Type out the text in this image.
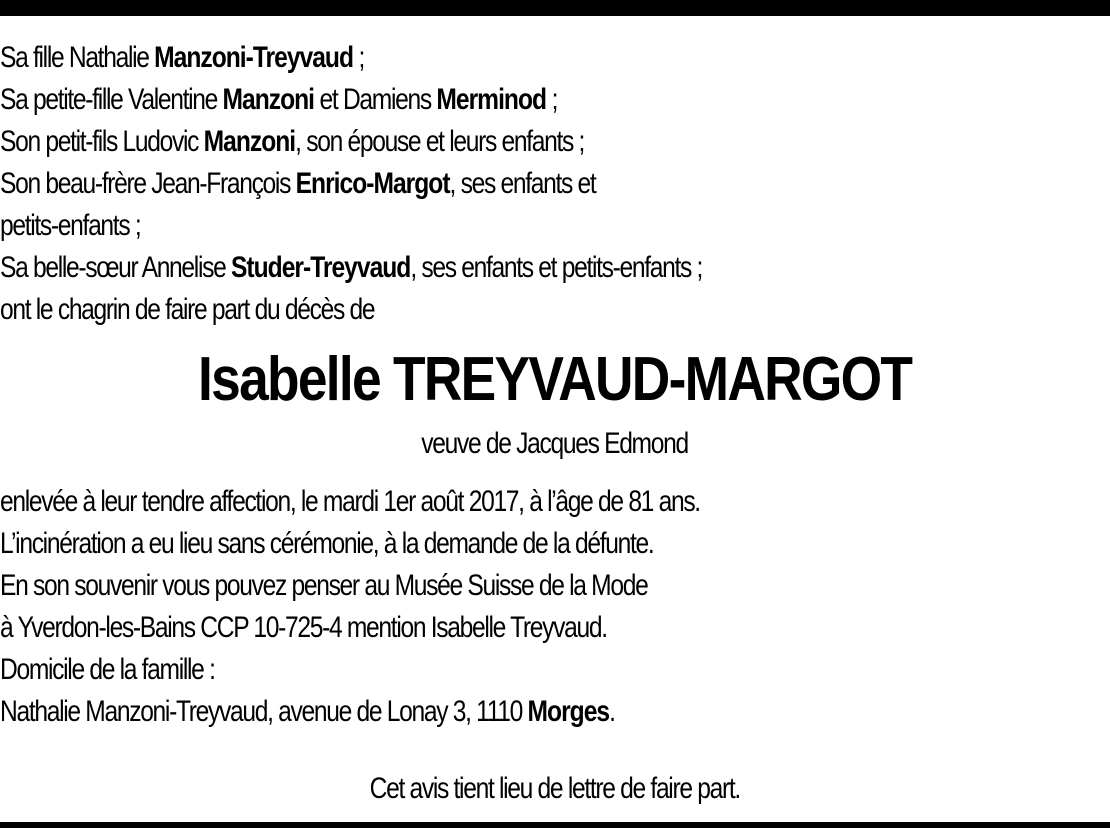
Sa fille Nathalie Manzoni-Treyvaud ;
Sa petite-fille Valentine Manzoni et Damiens Merminod ;
Son petit-fils Ludovic Manzoni, son épouse et leurs enfants ;
Son beau-frère Jean-François Enrico-Margot, ses enfants et
petits-enfants ;
Sa belle-sœur Annelise Studer-Treyvaud, ses enfants et petits-enfants ;
ont le chagrin de faire part du décès de
Isabelle TREYVAUD-MARGOT
veuve de Jacques Edmond
enlevée à leur tendre affection, le mardi 1er août 2017, à l’âge de 81 ans.
L’incinération a eu lieu sans cérémonie, à la demande de la défunte.
En son souvenir vous pouvez penser au Musée Suisse de la Mode
à Yverdon-les-Bains CCP 10-725-4 mention Isabelle Treyvaud.
Domicile de la famille :
Nathalie Manzoni-Treyvaud, avenue de Lonay 3, 1110 Morges.
Cet avis tient lieu de lettre de faire part.
